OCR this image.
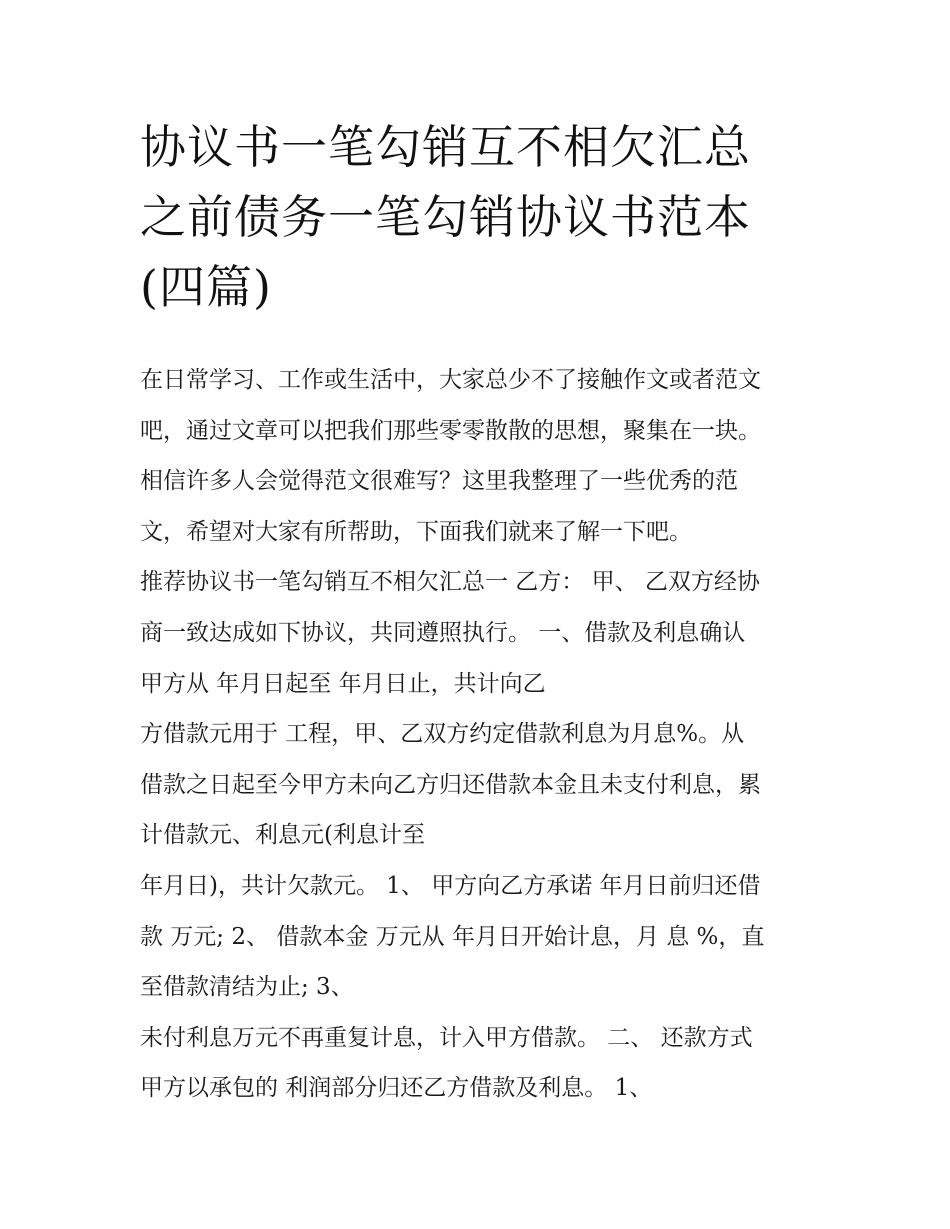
协议书一笔勾销互不相欠汇总
之前债务一笔勾销协议书范本
(四篇)
在日常学习、工作或生活中，大家总少不了接触作文或者范文
吧，通过文章可以把我们那些零零散散的思想，聚集在一块。
相信许多人会觉得范文很难写？这里我整理了一些优秀的范
文，希望对大家有所帮助，下面我们就来了解一下吧。
推荐协议书一笔勾销互不相欠汇总一 乙方： 甲、 乙双方经协
商一致达成如下协议，共同遵照执行。 一、借款及利息确认
甲方从 年月日起至 年月日止，共计向乙
方借款元用于 工程，甲、乙双方约定借款利息为月息%。从
借款之日起至今甲方未向乙方归还借款本金且未支付利息，累
计借款元、利息元(利息计至
年月日)，共计欠款元。 1、 甲方向乙方承诺 年月日前归还借
款 万元; 2、 借款本金 万元从 年月日开始计息，月 息 %，直
至借款清结为止; 3、
未付利息万元不再重复计息，计入甲方借款。 二、 还款方式
甲方以承包的 利润部分归还乙方借款及利息。 1、
